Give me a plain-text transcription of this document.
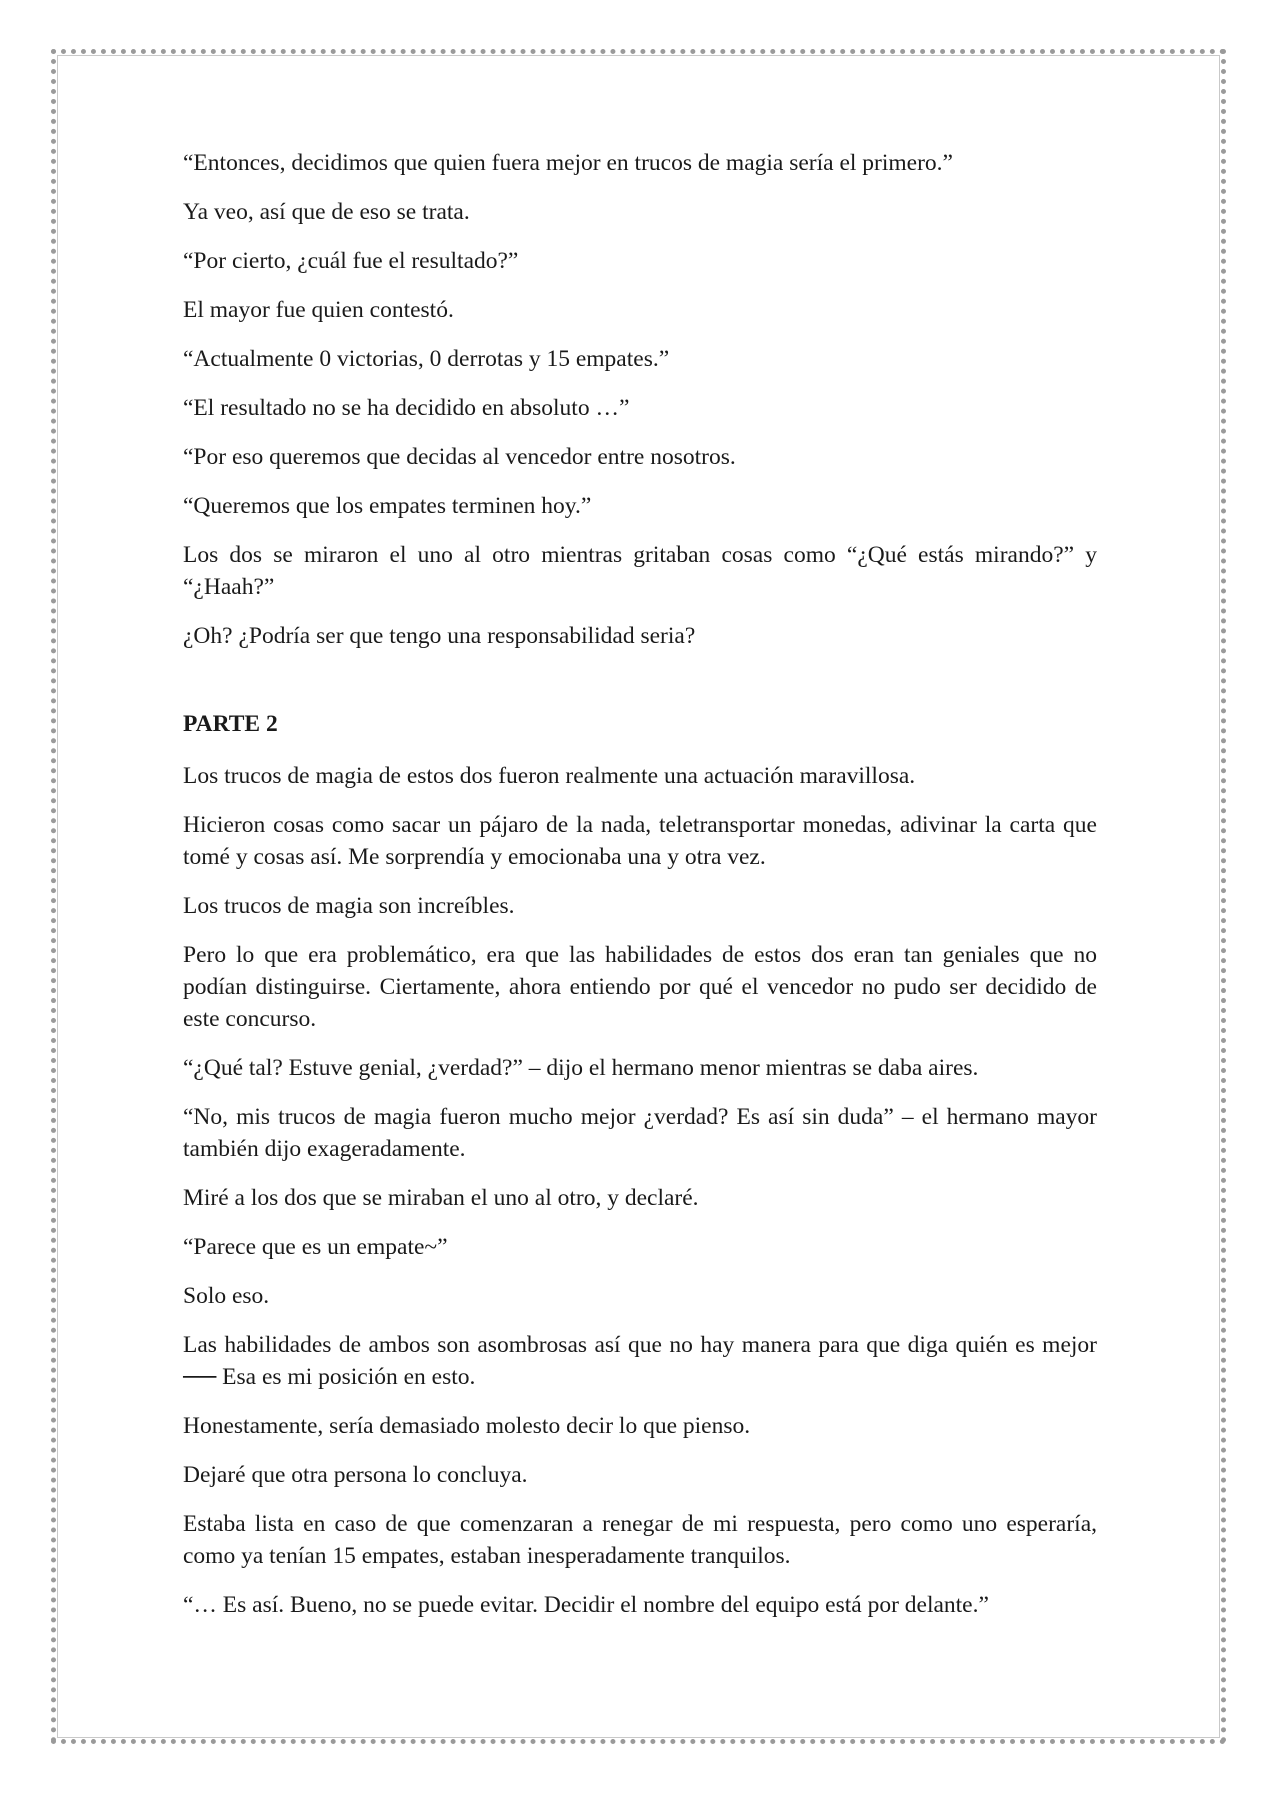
“Entonces, decidimos que quien fuera mejor en trucos de magia sería el primero.”

Ya veo, así que de eso se trata.

“Por cierto, ¿cuál fue el resultado?”

El mayor fue quien contestó.

“Actualmente 0 victorias, 0 derrotas y 15 empates.”

“El resultado no se ha decidido en absoluto …”

“Por eso queremos que decidas al vencedor entre nosotros.

“Queremos que los empates terminen hoy.”

Los dos se miraron el uno al otro mientras gritaban cosas como “¿Qué estás mirando?” y “¿Haah?”

¿Oh? ¿Podría ser que tengo una responsabilidad seria?

PARTE 2

Los trucos de magia de estos dos fueron realmente una actuación maravillosa.

Hicieron cosas como sacar un pájaro de la nada, teletransportar monedas, adivinar la carta que tomé y cosas así. Me sorprendía y emocionaba una y otra vez.

Los trucos de magia son increíbles.

Pero lo que era problemático, era que las habilidades de estos dos eran tan geniales que no podían distinguirse. Ciertamente, ahora entiendo por qué el vencedor no pudo ser decidido de este concurso.

“¿Qué tal? Estuve genial, ¿verdad?” – dijo el hermano menor mientras se daba aires.

“No, mis trucos de magia fueron mucho mejor ¿verdad? Es así sin duda” – el hermano mayor también dijo exageradamente.

Miré a los dos que se miraban el uno al otro, y declaré.

“Parece que es un empate~”

Solo eso.

Las habilidades de ambos son asombrosas así que no hay manera para que diga quién es mejor ── Esa es mi posición en esto.

Honestamente, sería demasiado molesto decir lo que pienso.

Dejaré que otra persona lo concluya.

Estaba lista en caso de que comenzaran a renegar de mi respuesta, pero como uno esperaría, como ya tenían 15 empates, estaban inesperadamente tranquilos.

“… Es así. Bueno, no se puede evitar. Decidir el nombre del equipo está por delante.”
